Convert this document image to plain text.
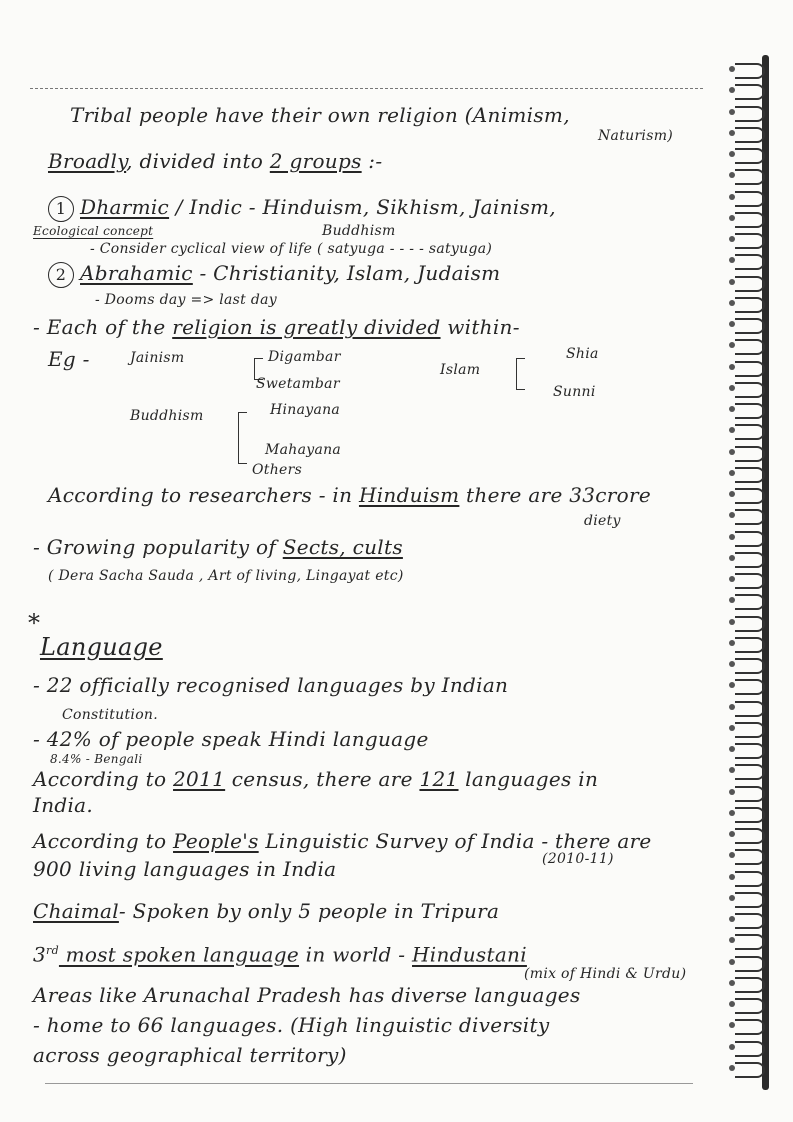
Tribal people have their own religion (Animism,
Naturism)
Broadly, divided into 2 groups :-
1 Dharmic / Indic - Hinduism, Sikhism, Jainism,
Buddhism
Ecological concept
- Consider cyclical view of life ( satyuga - - - - satyuga)
2 Abrahamic - Christianity, Islam, Judaism
- Dooms day => last day
- Each of the religion is greatly divided within-
Eg -	Jainism	Digambar
Swetambar
Islam
Shia
Sunni
Buddhism	Hinayana
Mahayana
Others
According to researchers - in Hinduism there are 33crore
diety
- Growing popularity of Sects, cults
( Dera Sacha Sauda , Art of living, Lingayat etc)
*
Language
- 22 officially recognised languages by Indian
Constitution.
- 42% of people speak Hindi language
8.4% - Bengali
According to 2011 census, there are 121 languages in
India.
According to People's Linguistic Survey of India - there are
900 living languages in India	(2010-11)
Chaimal- Spoken by only 5 people in Tripura
3rd most spoken language in world - Hindustani
(mix of Hindi & Urdu)
Areas like Arunachal Pradesh has diverse languages
- home to 66 languages. (High linguistic diversity
across geographical territory)
